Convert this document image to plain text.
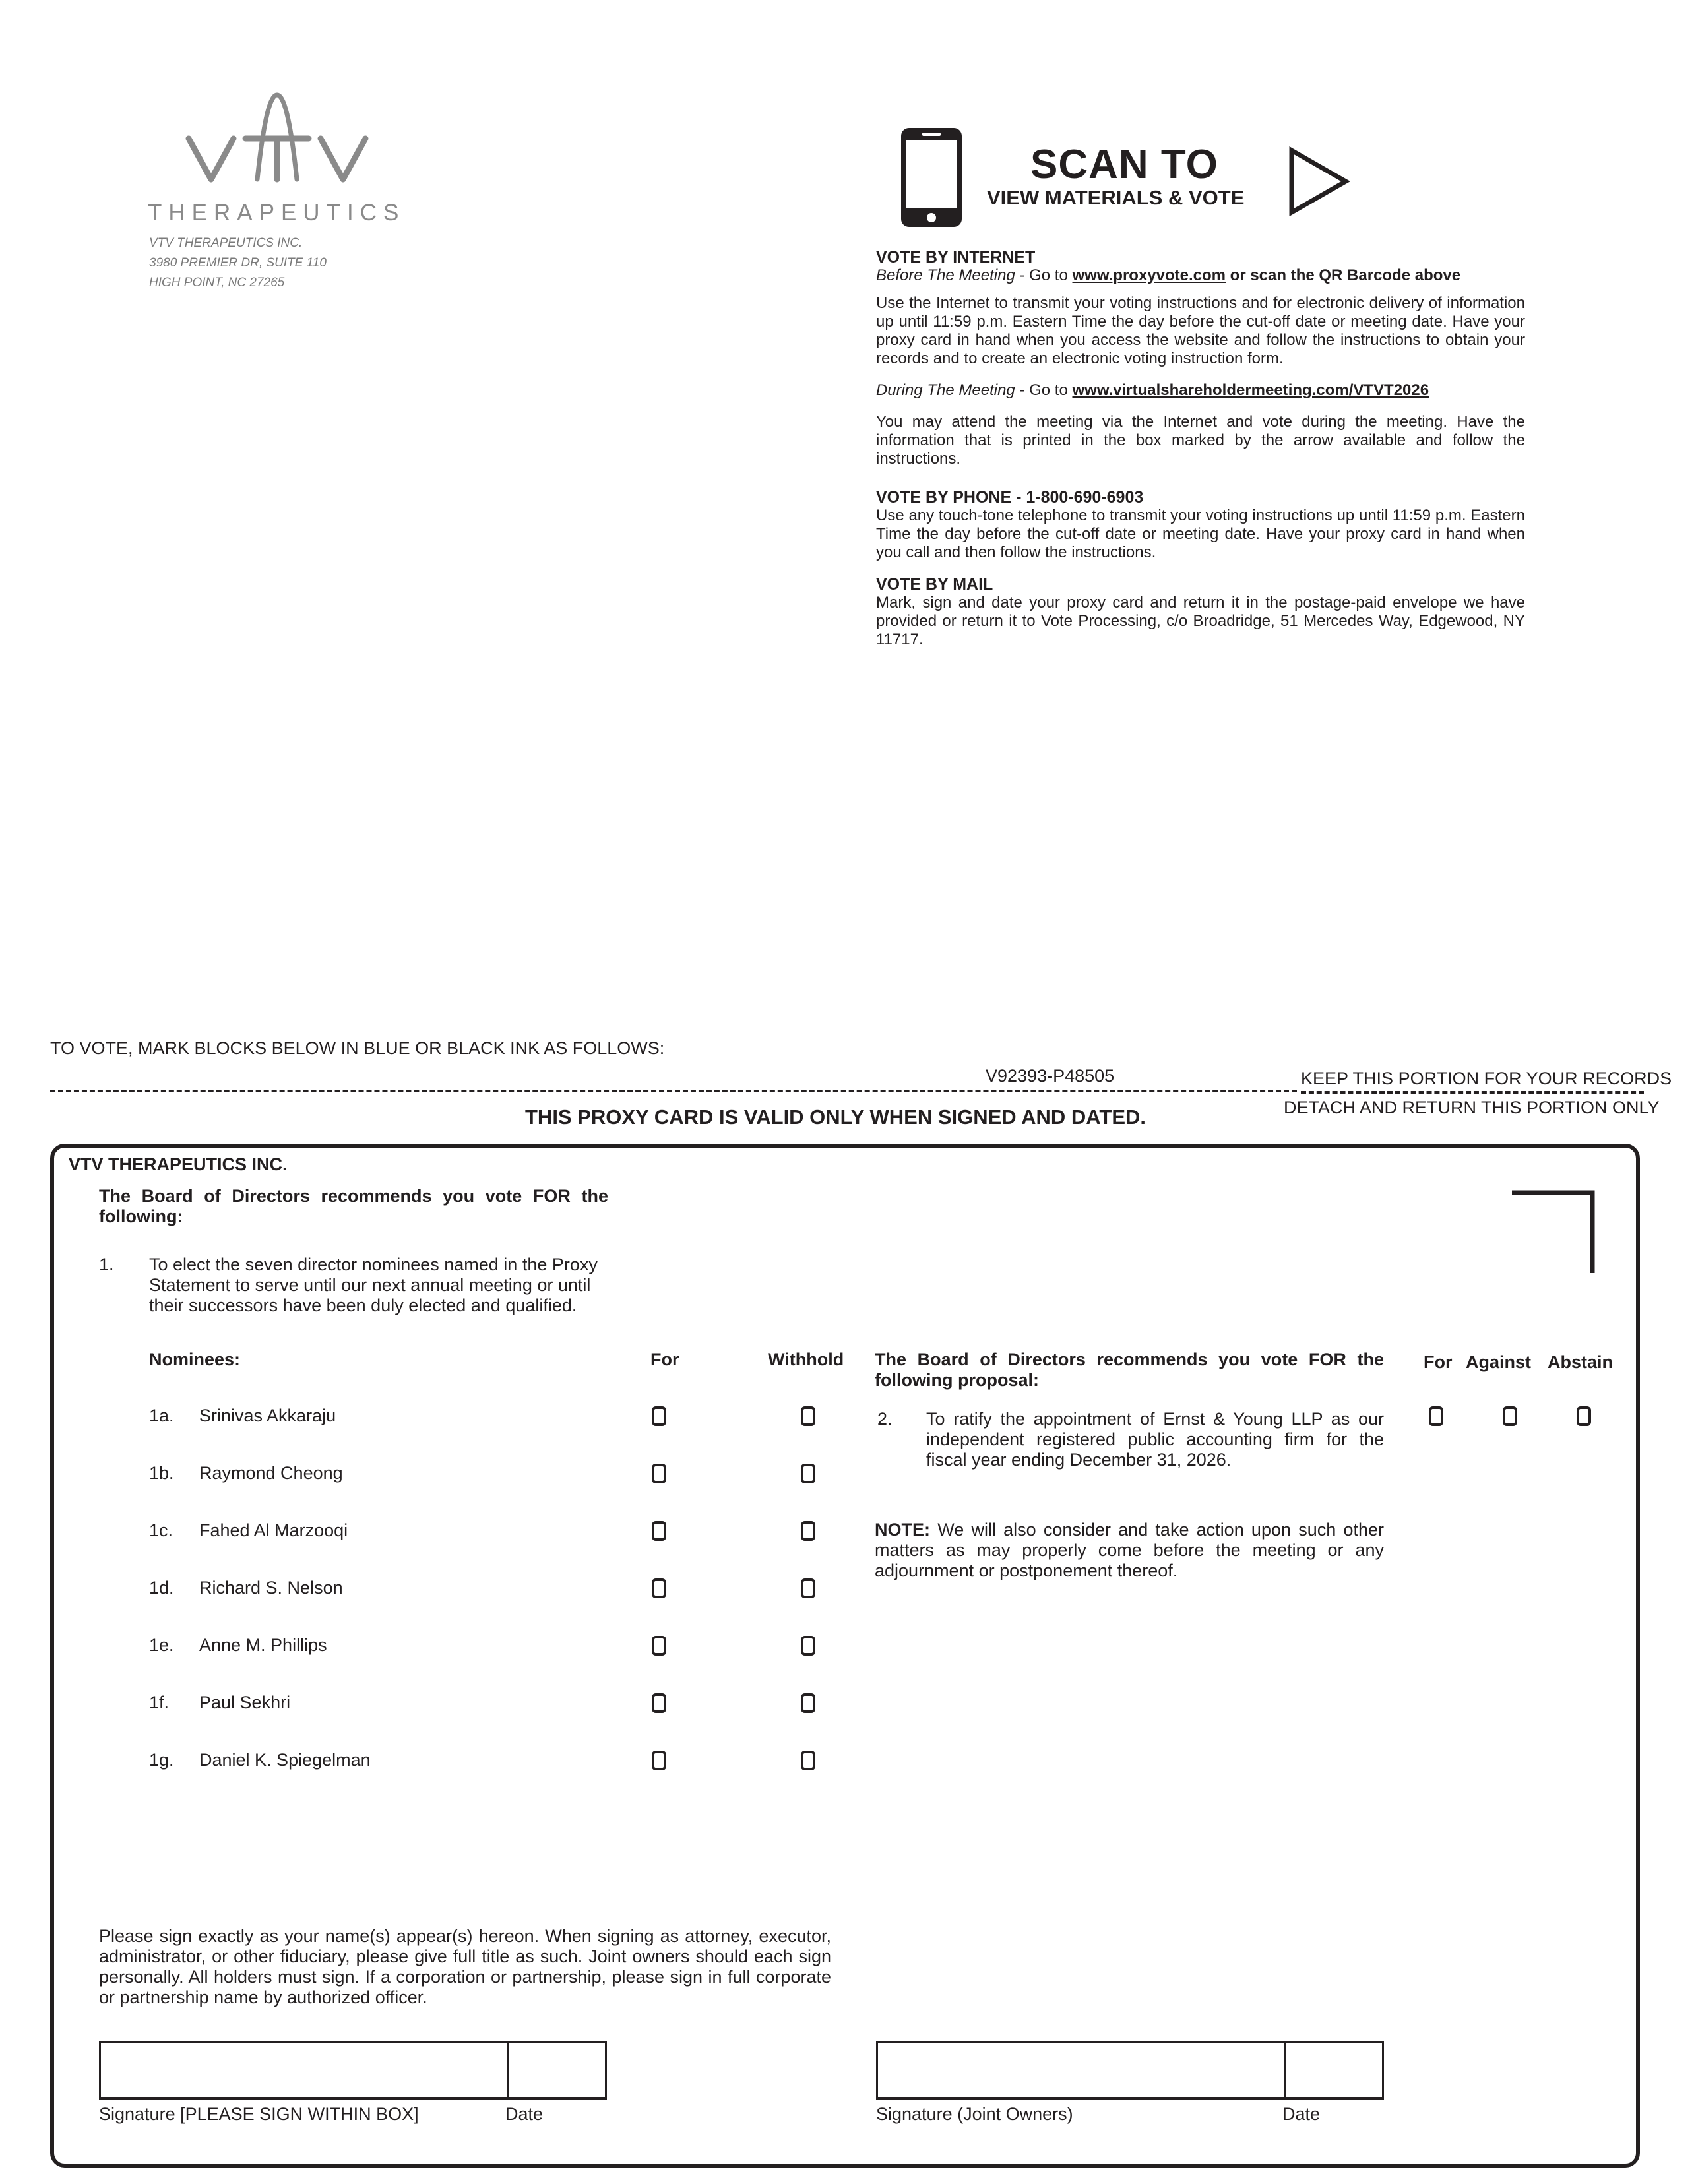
THERAPEUTICS
VTV THERAPEUTICS INC.
3980 PREMIER DR, SUITE 110
HIGH POINT, NC 27265
SCAN TO
VIEW MATERIALS & VOTE
VOTE BY INTERNET
Before The Meeting - Go to www.proxyvote.com or scan the QR Barcode above

Use the Internet to transmit your voting instructions and for electronic delivery of information up until 11:59 p.m. Eastern Time the day before the cut-off date or meeting date. Have your proxy card in hand when you access the website and follow the instructions to obtain your records and to create an electronic voting instruction form.

During The Meeting - Go to www.virtualshareholdermeeting.com/VTVT2026

You may attend the meeting via the Internet and vote during the meeting. Have the information that is printed in the box marked by the arrow available and follow the instructions.

VOTE BY PHONE - 1-800-690-6903

Use any touch-tone telephone to transmit your voting instructions up until 11:59 p.m. Eastern Time the day before the cut-off date or meeting date. Have your proxy card in hand when you call and then follow the instructions.

VOTE BY MAIL

Mark, sign and date your proxy card and return it in the postage-paid envelope we have provided or return it to Vote Processing, c/o Broadridge, 51 Mercedes Way, Edgewood, NY 11717.

TO VOTE, MARK BLOCKS BELOW IN BLUE OR BLACK INK AS FOLLOWS:
V92393-P48505	KEEP THIS PORTION FOR YOUR RECORDS
DETACH AND RETURN THIS PORTION ONLY
THIS PROXY CARD IS VALID ONLY WHEN SIGNED AND DATED.
VTV THERAPEUTICS INC.
The Board of Directors recommends you vote FOR the following:
1. To elect the seven director nominees named in the Proxy Statement to serve until our next annual meeting or until their successors have been duly elected and qualified.
Nominees:	For	Withhold
1a. Srinivas Akkaraju
1b. Raymond Cheong
1c. Fahed Al Marzooqi
1d. Richard S. Nelson
1e. Anne M. Phillips
1f. Paul Sekhri
1g. Daniel K. Spiegelman
The Board of Directors recommends you vote FOR the following proposal:
For Against Abstain
2. To ratify the appointment of Ernst & Young LLP as our independent registered public accounting firm for the fiscal year ending December 31, 2026.
NOTE: We will also consider and take action upon such other matters as may properly come before the meeting or any adjournment or postponement thereof.
Please sign exactly as your name(s) appear(s) hereon. When signing as attorney, executor, administrator, or other fiduciary, please give full title as such. Joint owners should each sign personally. All holders must sign. If a corporation or partnership, please sign in full corporate or partnership name by authorized officer.
Signature [PLEASE SIGN WITHIN BOX]	Date	Signature (Joint Owners)	Date
